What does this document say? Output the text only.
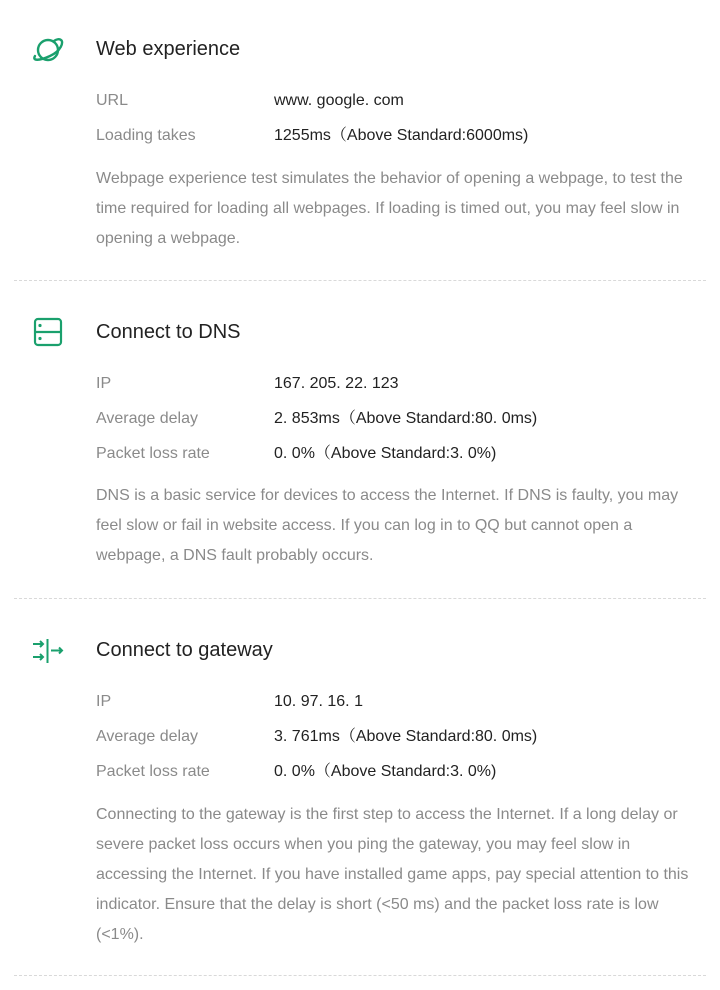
Web experience
URL	www. google. com
Loading takes	1255ms（Above Standard:6000ms)

Webpage experience test simulates the behavior of opening a webpage, to test the time required for loading all webpages. If loading is timed out, you may feel slow in opening a webpage.

Connect to DNS
IP	167. 205. 22. 123
Average delay	2. 853ms（Above Standard:80. 0ms)
Packet loss rate	0. 0%（Above Standard:3. 0%)

DNS is a basic service for devices to access the Internet. If DNS is faulty, you may feel slow or fail in website access. If you can log in to QQ but cannot open a webpage, a DNS fault probably occurs.

Connect to gateway
IP	10. 97. 16. 1
Average delay	3. 761ms（Above Standard:80. 0ms)
Packet loss rate	0. 0%（Above Standard:3. 0%)

Connecting to the gateway is the first step to access the Internet. If a long delay or severe packet loss occurs when you ping the gateway, you may feel slow in accessing the Internet. If you have installed game apps, pay special attention to this indicator. Ensure that the delay is short (<50 ms) and the packet loss rate is low (<1%).
